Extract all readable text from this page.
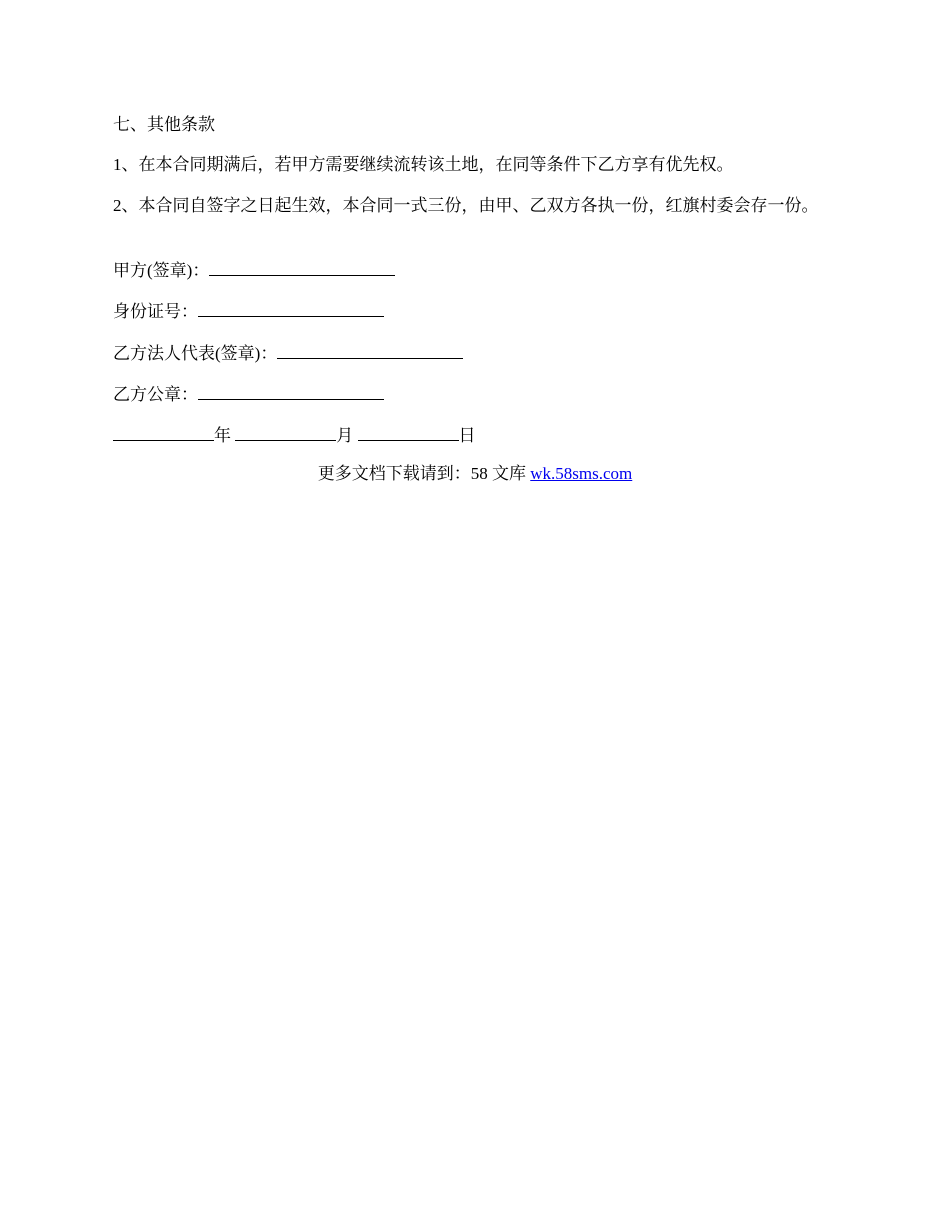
七、其他条款
1、在本合同期满后，若甲方需要继续流转该土地，在同等条件下乙方享有优先权。
2、本合同自签字之日起生效，本合同一式三份，由甲、乙双方各执一份，红旗村委会存一份。
甲方(签章)：
身份证号：
乙方法人代表(签章)：
乙方公章：
年	月	日
更多文档下载请到：58 文库 wk.58sms.com
